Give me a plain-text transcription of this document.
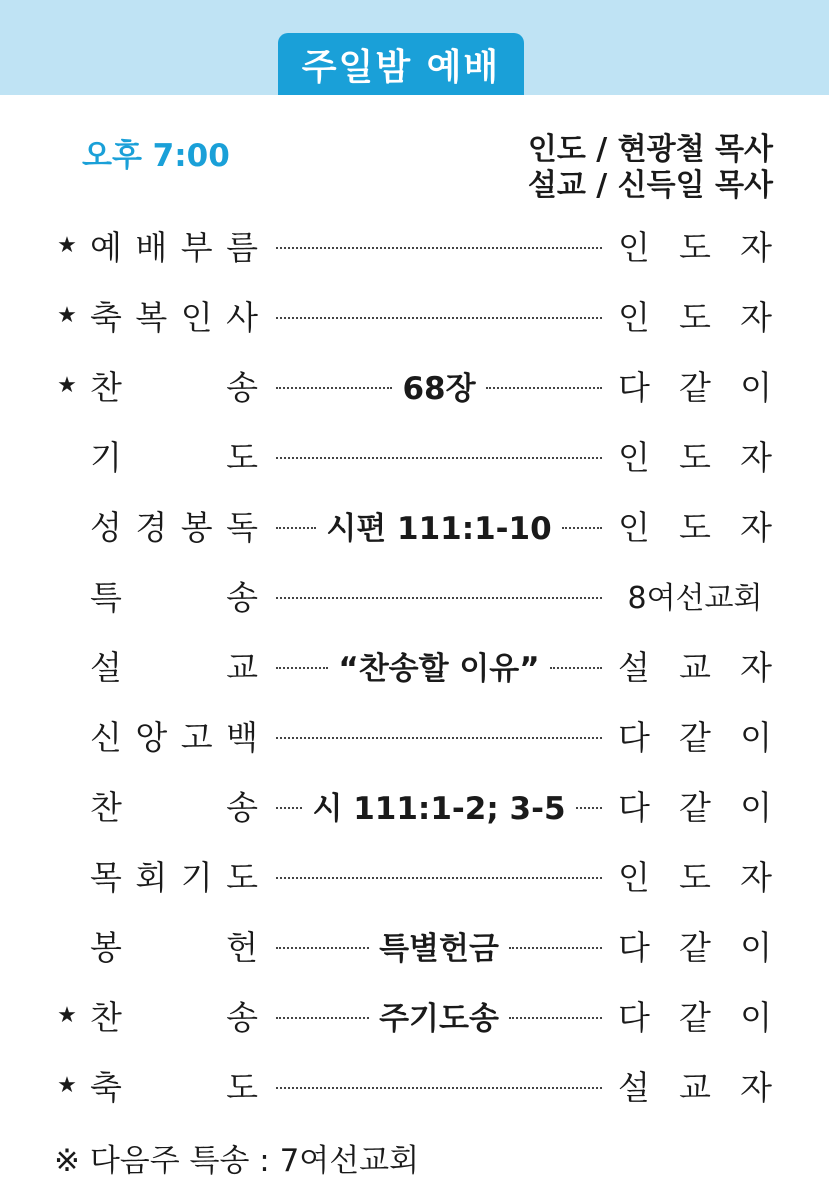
주일밤 예배
오후 7:00	인도 / 현광철 목사
설교 / 신득일 목사
★ 예 배 부 름	인 도 자
★ 축 복 인 사	인 도 자
★ 찬	송	68장	다 같 이
기	도	인 도 자
성 경 봉 독	시편 111:1-10	인 도 자
특	송	8여선교회
설	교	“찬송할 이유”	설 교 자
신 앙 고 백	다 같 이
찬	송	시 111:1-2; 3-5	다 같 이
목 회 기 도	인 도 자
봉	헌	특별헌금	다 같 이
★ 찬	송	주기도송	다 같 이
★ 축	도	설 교 자
※ 다음주 특송 : 7여선교회
